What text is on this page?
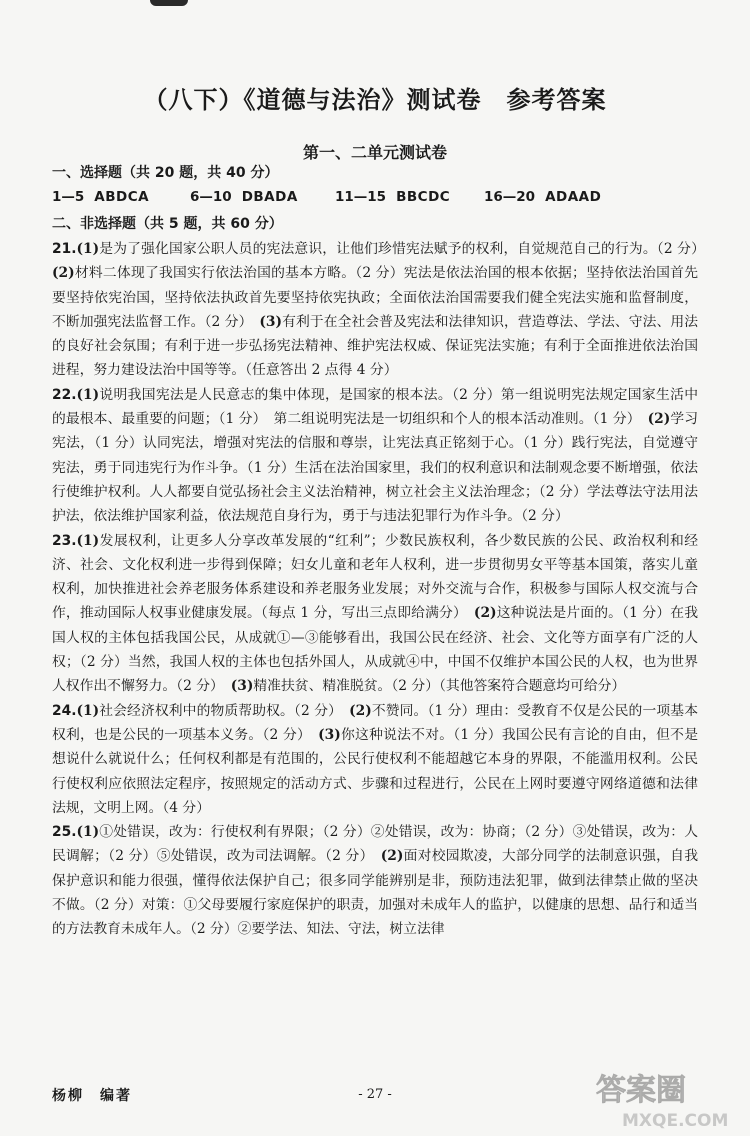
（八下）《道德与法治》测试卷　参考答案
第一、二单元测试卷
一、选择题（共 20 题，共 40 分）
1—5 ABDCA	6—10 DBADA	11—15 BBCDC	16—20 ADAAD
二、非选择题（共 5 题，共 60 分）

21.(1)是为了强化国家公职人员的宪法意识，让他们珍惜宪法赋予的权利，自觉规范自己的行为。（2 分）　(2)材料二体现了我国实行依法治国的基本方略。（2 分）宪法是依法治国的根本依据；坚持依法治国首先要坚持依宪治国，坚持依法执政首先要坚持依宪执政；全面依法治国需要我们健全宪法实施和监督制度，不断加强宪法监督工作。（2 分）　(3)有利于在全社会普及宪法和法律知识，营造尊法、学法、守法、用法的良好社会氛围；有利于进一步弘扬宪法精神、维护宪法权威、保证宪法实施；有利于全面推进依法治国进程，努力建设法治中国等等。（任意答出 2 点得 4 分）

22.(1)说明我国宪法是人民意志的集中体现，是国家的根本法。（2 分）第一组说明宪法规定国家生活中的最根本、最重要的问题；（1 分）　第二组说明宪法是一切组织和个人的根本活动准则。（1 分）　(2)学习宪法，（1 分）认同宪法，增强对宪法的信服和尊崇，让宪法真正铭刻于心。（1 分）践行宪法，自觉遵守宪法，勇于同违宪行为作斗争。（1 分）生活在法治国家里，我们的权利意识和法制观念要不断增强，依法行使维护权利。人人都要自觉弘扬社会主义法治精神，树立社会主义法治理念；（2 分）学法尊法守法用法护法，依法维护国家利益，依法规范自身行为，勇于与违法犯罪行为作斗争。（2 分）

23.(1)发展权利，让更多人分享改革发展的“红利”；少数民族权利，各少数民族的公民、政治权利和经济、社会、文化权利进一步得到保障；妇女儿童和老年人权利，进一步贯彻男女平等基本国策，落实儿童权利，加快推进社会养老服务体系建设和养老服务业发展；对外交流与合作，积极参与国际人权交流与合作，推动国际人权事业健康发展。（每点 1 分，写出三点即给满分）　(2)这种说法是片面的。（1 分）在我国人权的主体包括我国公民，从成就①—③能够看出，我国公民在经济、社会、文化等方面享有广泛的人权；（2 分）当然，我国人权的主体也包括外国人，从成就④中，中国不仅维护本国公民的人权，也为世界人权作出不懈努力。（2 分）　(3)精准扶贫、精准脱贫。（2 分）（其他答案符合题意均可给分）

24.(1)社会经济权利中的物质帮助权。（2 分）　(2)不赞同。（1 分）理由：受教育不仅是公民的一项基本权利，也是公民的一项基本义务。（2 分）　(3)你这种说法不对。（1 分）我国公民有言论的自由，但不是想说什么就说什么；任何权利都是有范围的，公民行使权利不能超越它本身的界限，不能滥用权利。公民行使权利应依照法定程序，按照规定的活动方式、步骤和过程进行，公民在上网时要遵守网络道德和法律法规，文明上网。（4 分）

25.(1)①处错误，改为：行使权利有界限；（2 分）②处错误，改为：协商；（2 分）③处错误，改为：人民调解；（2 分）⑤处错误，改为司法调解。（2 分）　(2)面对校园欺凌，大部分同学的法制意识强，自我保护意识和能力很强，懂得依法保护自己；很多同学能辨别是非，预防违法犯罪，做到法律禁止做的坚决不做。（2 分）对策：①父母要履行家庭保护的职责，加强对未成年人的监护，以健康的思想、品行和适当的方法教育未成年人。（2 分）②要学法、知法、守法，树立法律

杨柳　编著	- 27 -	答案圈
MXQE.COM
